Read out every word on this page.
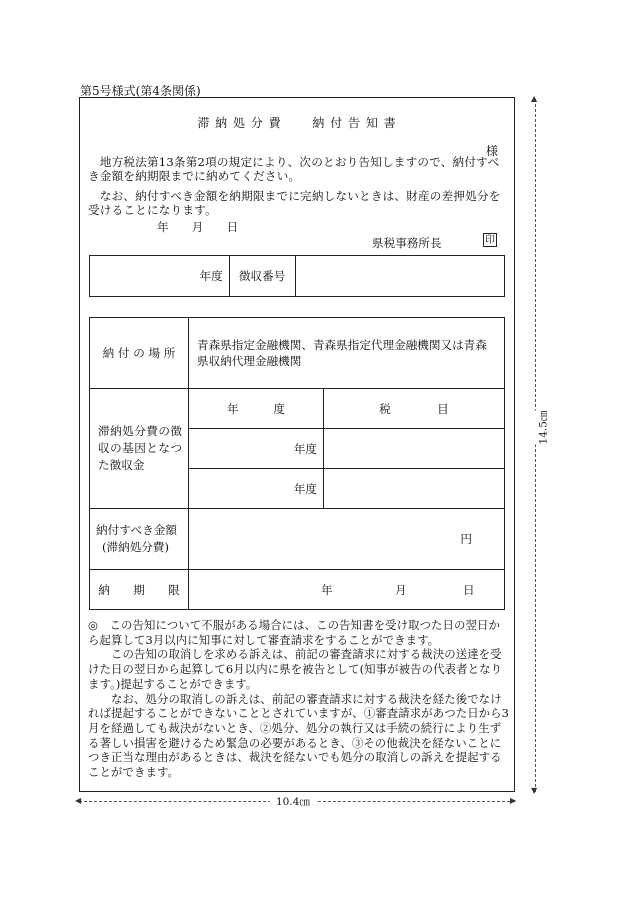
第5号様式(第4条関係)
滞 納 処 分 費　　 納 付 告 知 書
様
　地方税法第13条第2項の規定により、次のとおり告知しますので、納付すべき金額を納期限までに納めてください。
　なお、納付すべき金額を納期限までに完納しないときは、財産の差押処分を受けることになります。
年　　月　　日
県税事務所長	印
年度	徴収番号	
納 付 の 場 所	青森県指定金融機関、青森県指定代理金融機関又は青森県収納代理金融機関	
滞納処分費の徴収の基因となつた徴収金	年　　　度	税　　　　目
	年度	
	年度	

納付すべき金額
(滞納処分費)	円	
納　　期　　限	年 月 日	
◎　 この告知について不服がある場合には、この告知書を受け取つた日の翌日から起算して3月以内に知事に対して審査請求をすることができます。
　　この告知の取消しを求める訴えは、前記の審査請求に対する裁決の送達を受けた日の翌日から起算して6月以内に県を被告として(知事が被告の代表者となります。)提起することができます。
　　なお、処分の取消しの訴えは、前記の審査請求に対する裁決を経た後でなければ提起することができないこととされていますが、①審査請求があつた日から3月を経過しても裁決がないとき、②処分、処分の執行又は手続の続行により生ずる著しい損害を避けるため緊急の必要があるとき、③その他裁決を経ないことにつき正当な理由があるときは、裁決を経ないでも処分の取消しの訴えを提起することができます。
▲
▼
14.5㎝
◀	▶
10.4㎝
